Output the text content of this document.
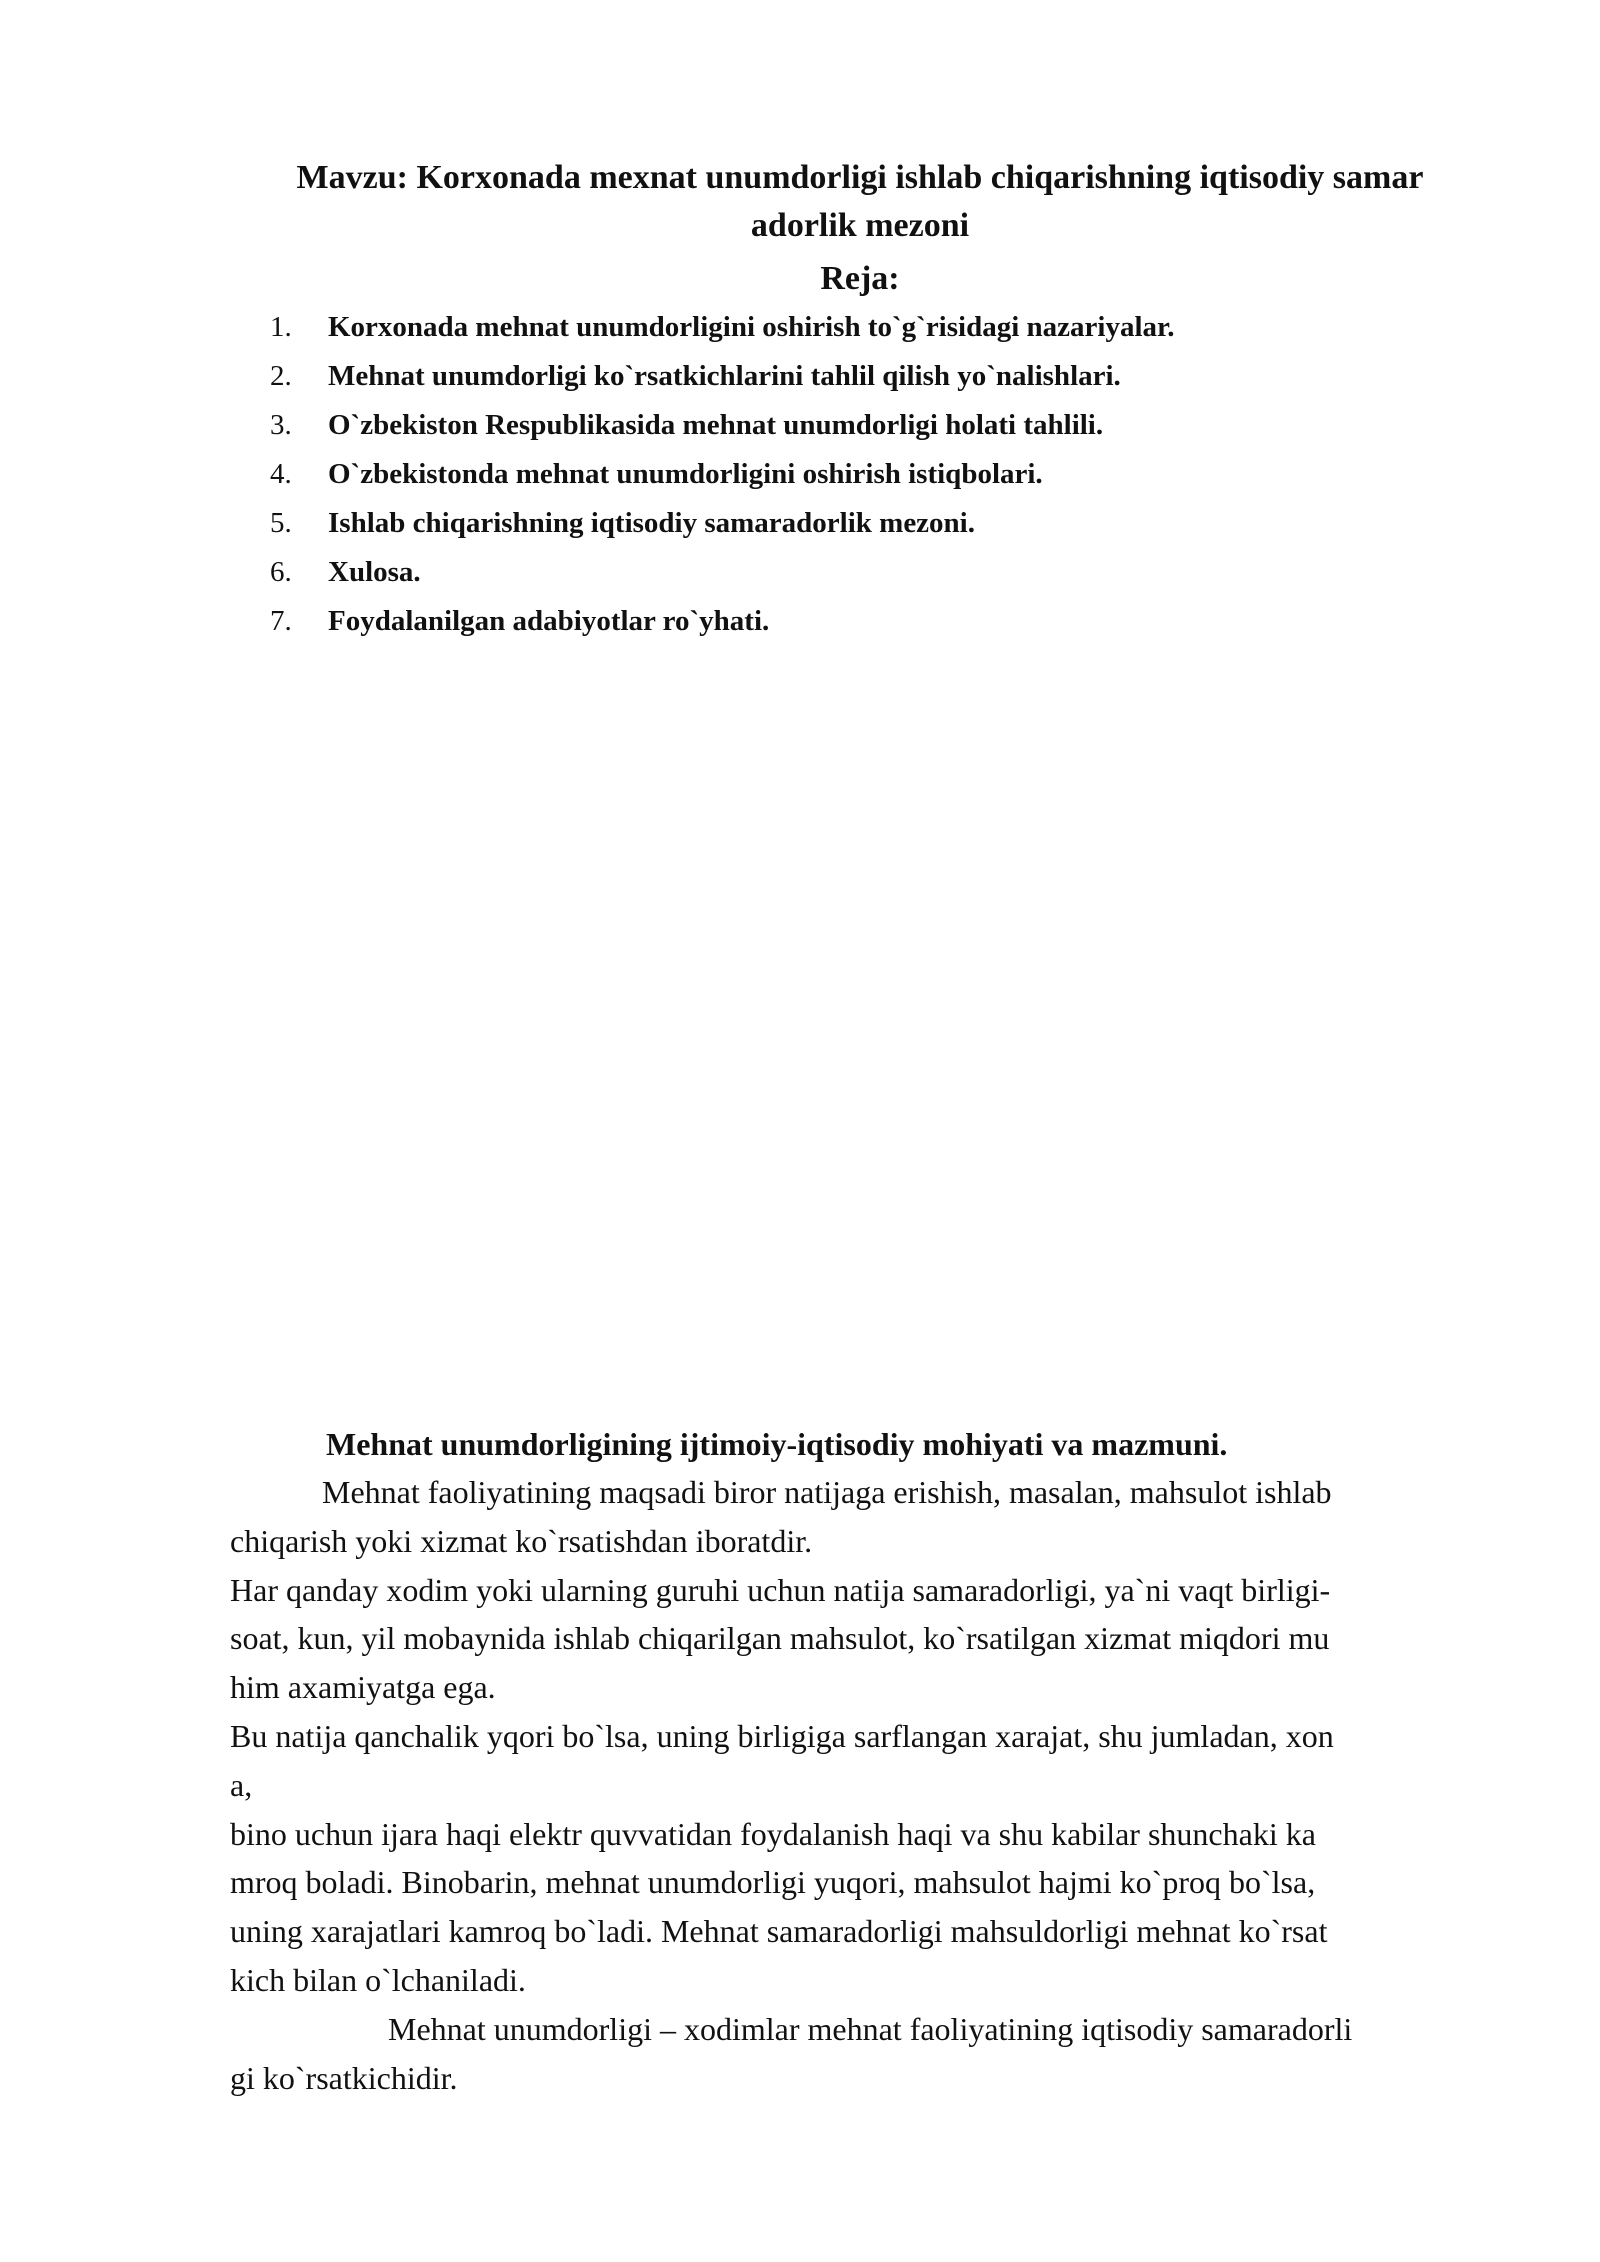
Mavzu: Korxonada mexnat unumdorligi ishlab chiqarishning iqtisodiy samar
adorlik mezoni
Reja:
1.	Korxonada mehnat unumdorligini oshirish to`g`risidagi nazariyalar.
2.	Mehnat unumdorligi ko`rsatkichlarini tahlil qilish yo`nalishlari.
3.	O`zbekiston Respublikasida mehnat unumdorligi holati tahlili.
4.	O`zbekistonda mehnat unumdorligini oshirish istiqbolari.
5.	Ishlab chiqarishning iqtisodiy samaradorlik mezoni.
6.	Xulosa.
7.	Foydalanilgan adabiyotlar ro`yhati.
Mehnat unumdorligining ijtimoiy-iqtisodiy mohiyati va mazmuni.
Mehnat faoliyatining maqsadi biror natijaga erishish, masalan, mahsulot ishlab
chiqarish yoki xizmat ko`rsatishdan iboratdir.
Har qanday xodim yoki ularning guruhi uchun natija samaradorligi, ya`ni vaqt birligi-
soat, kun, yil mobaynida ishlab chiqarilgan mahsulot, ko`rsatilgan xizmat miqdori mu
him axamiyatga ega.
Bu natija qanchalik yqori bo`lsa, uning birligiga sarflangan xarajat, shu jumladan, xon
a,
bino uchun ijara haqi elektr quvvatidan foydalanish haqi va shu kabilar shunchaki ka
mroq boladi. Binobarin, mehnat unumdorligi yuqori, mahsulot hajmi ko`proq bo`lsa,
uning xarajatlari kamroq bo`ladi. Mehnat samaradorligi mahsuldorligi mehnat ko`rsat
kich bilan o`lchaniladi.
Mehnat unumdorligi – xodimlar mehnat faoliyatining iqtisodiy samaradorli
gi ko`rsatkichidir.
